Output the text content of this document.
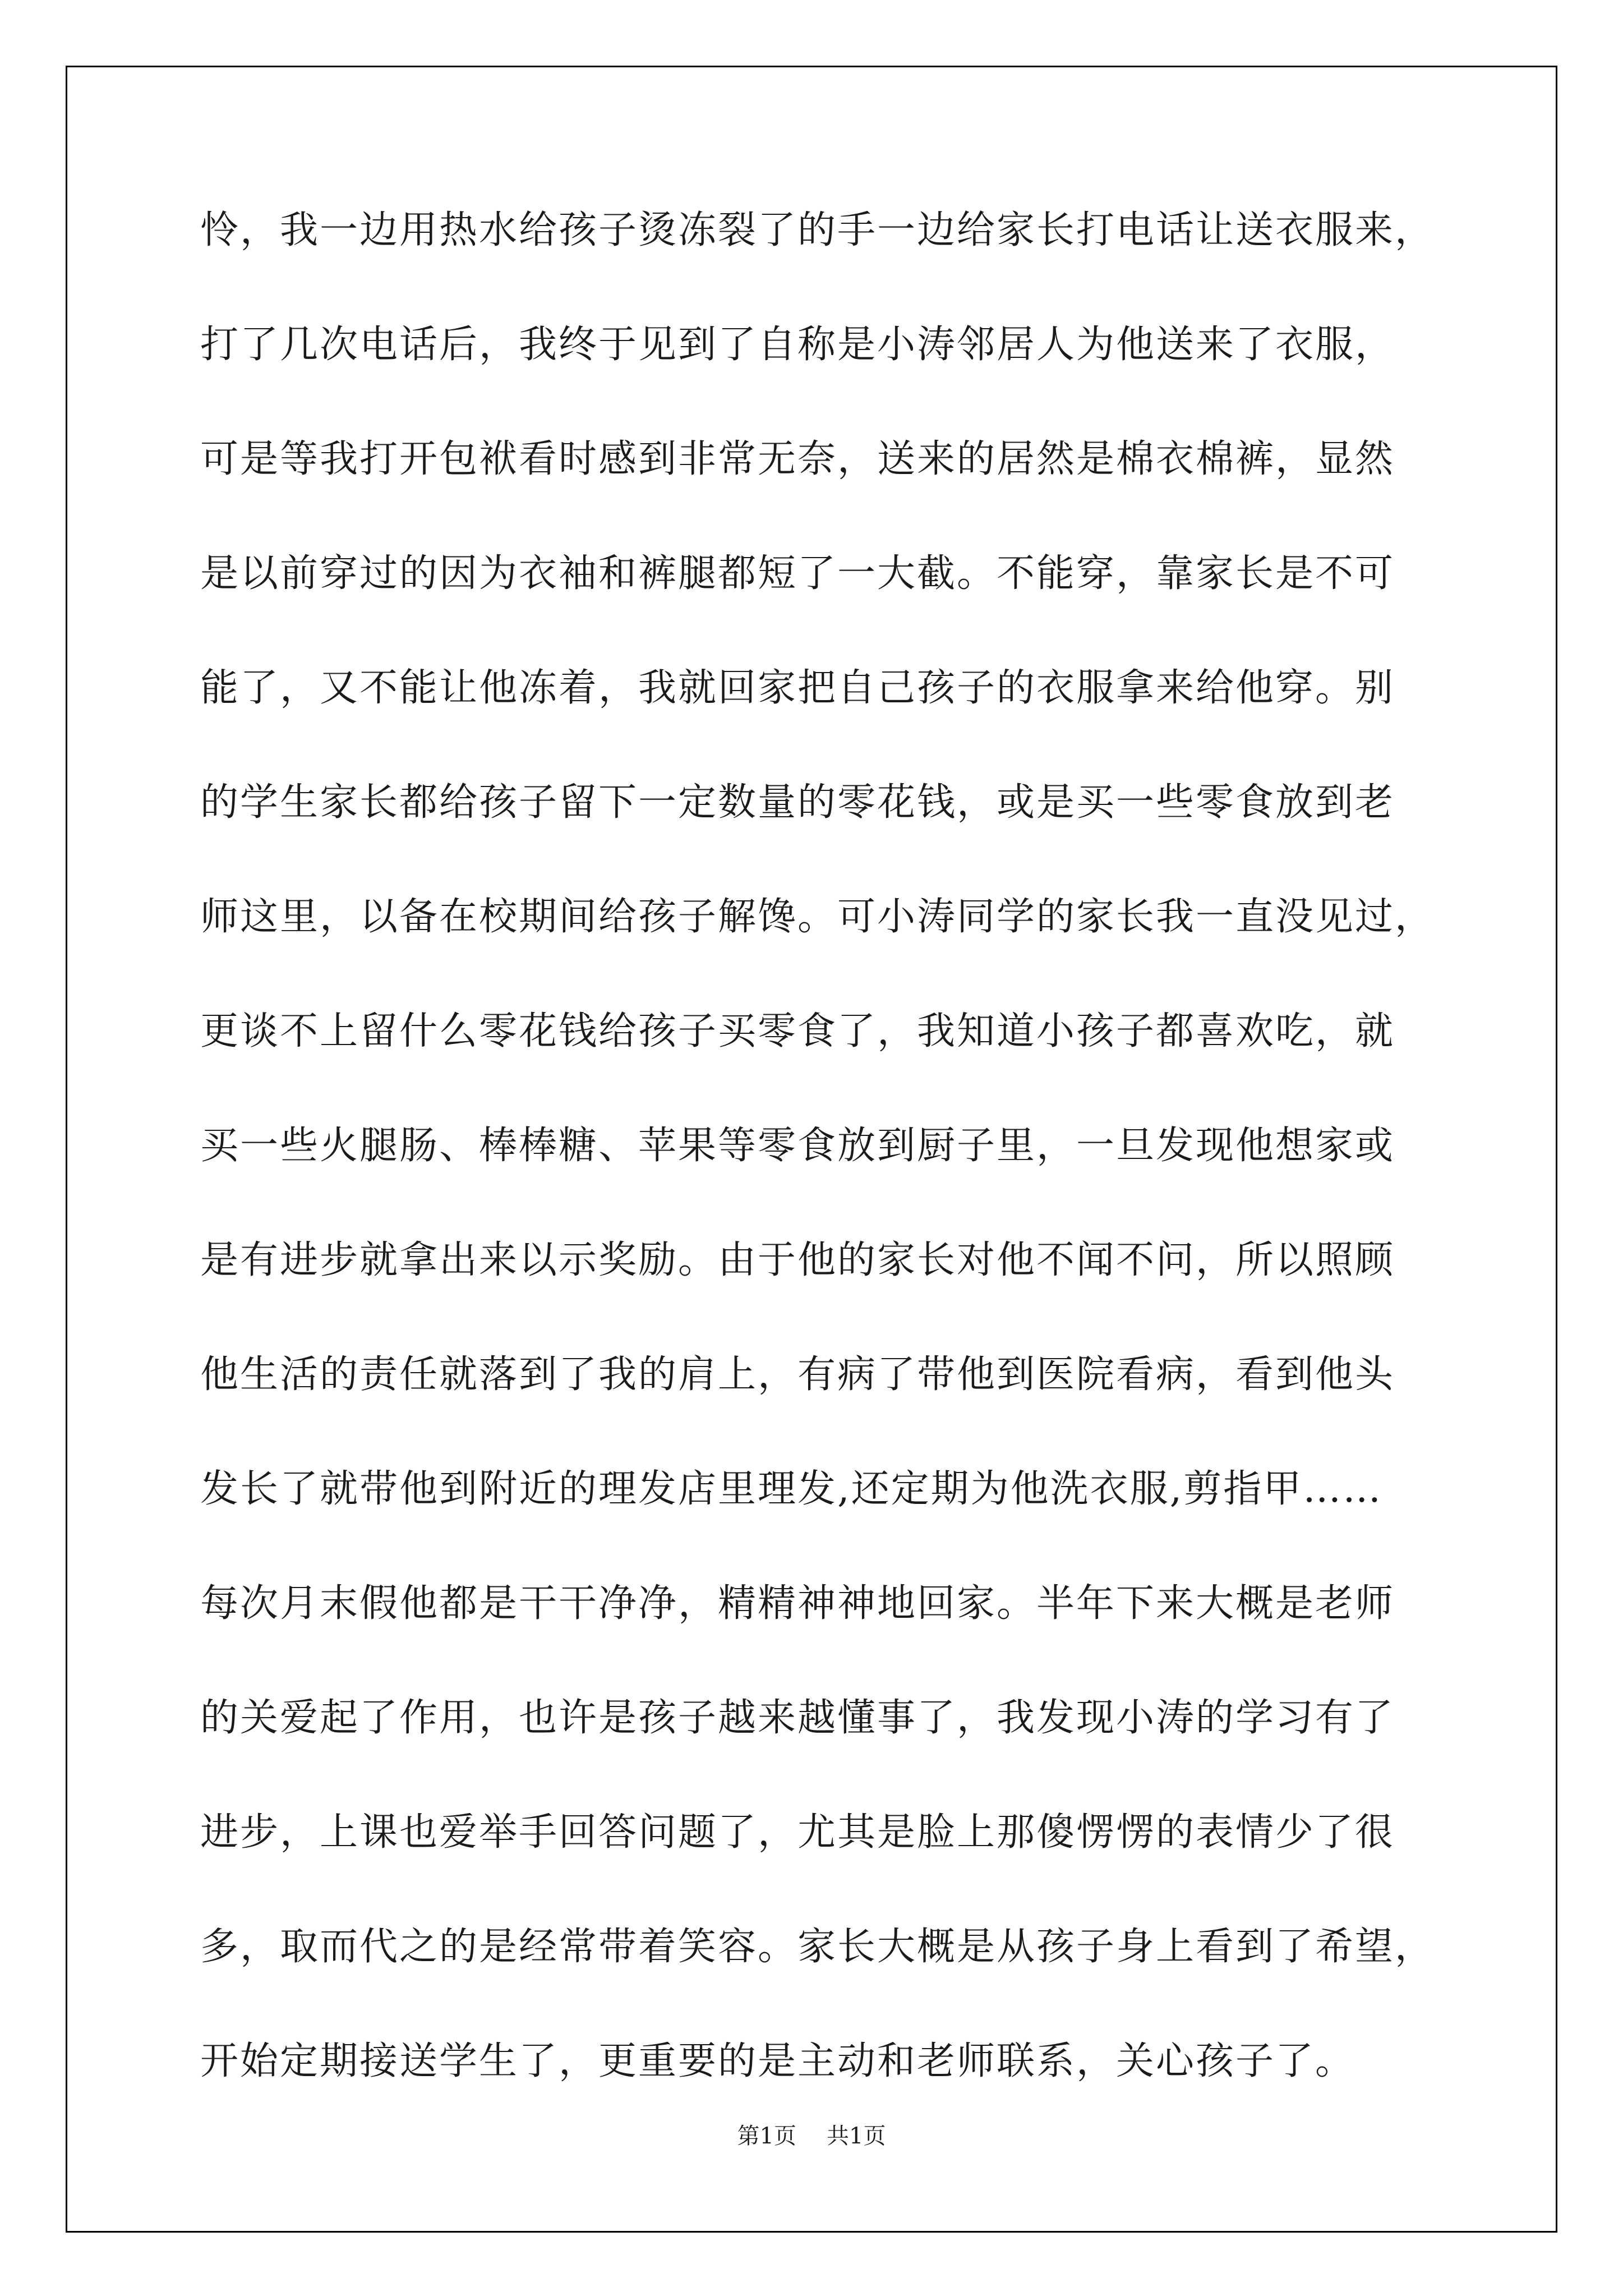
怜，我一边用热水给孩子烫冻裂了的手一边给家长打电话让送衣服来，
打了几次电话后，我终于见到了自称是小涛邻居人为他送来了衣服，
可是等我打开包袱看时感到非常无奈，送来的居然是棉衣棉裤，显然
是以前穿过的因为衣袖和裤腿都短了一大截。不能穿，靠家长是不可
能了，又不能让他冻着，我就回家把自己孩子的衣服拿来给他穿。别
的学生家长都给孩子留下一定数量的零花钱，或是买一些零食放到老
师这里，以备在校期间给孩子解馋。可小涛同学的家长我一直没见过，
更谈不上留什么零花钱给孩子买零食了，我知道小孩子都喜欢吃，就
买一些火腿肠、棒棒糖、苹果等零食放到厨子里，一旦发现他想家或
是有进步就拿出来以示奖励。由于他的家长对他不闻不问，所以照顾
他生活的责任就落到了我的肩上，有病了带他到医院看病，看到他头
发长了就带他到附近的理发店里理发,还定期为他洗衣服,剪指甲……
每次月末假他都是干干净净，精精神神地回家。半年下来大概是老师
的关爱起了作用，也许是孩子越来越懂事了，我发现小涛的学习有了
进步，上课也爱举手回答问题了，尤其是脸上那傻愣愣的表情少了很
多，取而代之的是经常带着笑容。家长大概是从孩子身上看到了希望，
开始定期接送学生了，更重要的是主动和老师联系，关心孩子了。
第1页 共1页
